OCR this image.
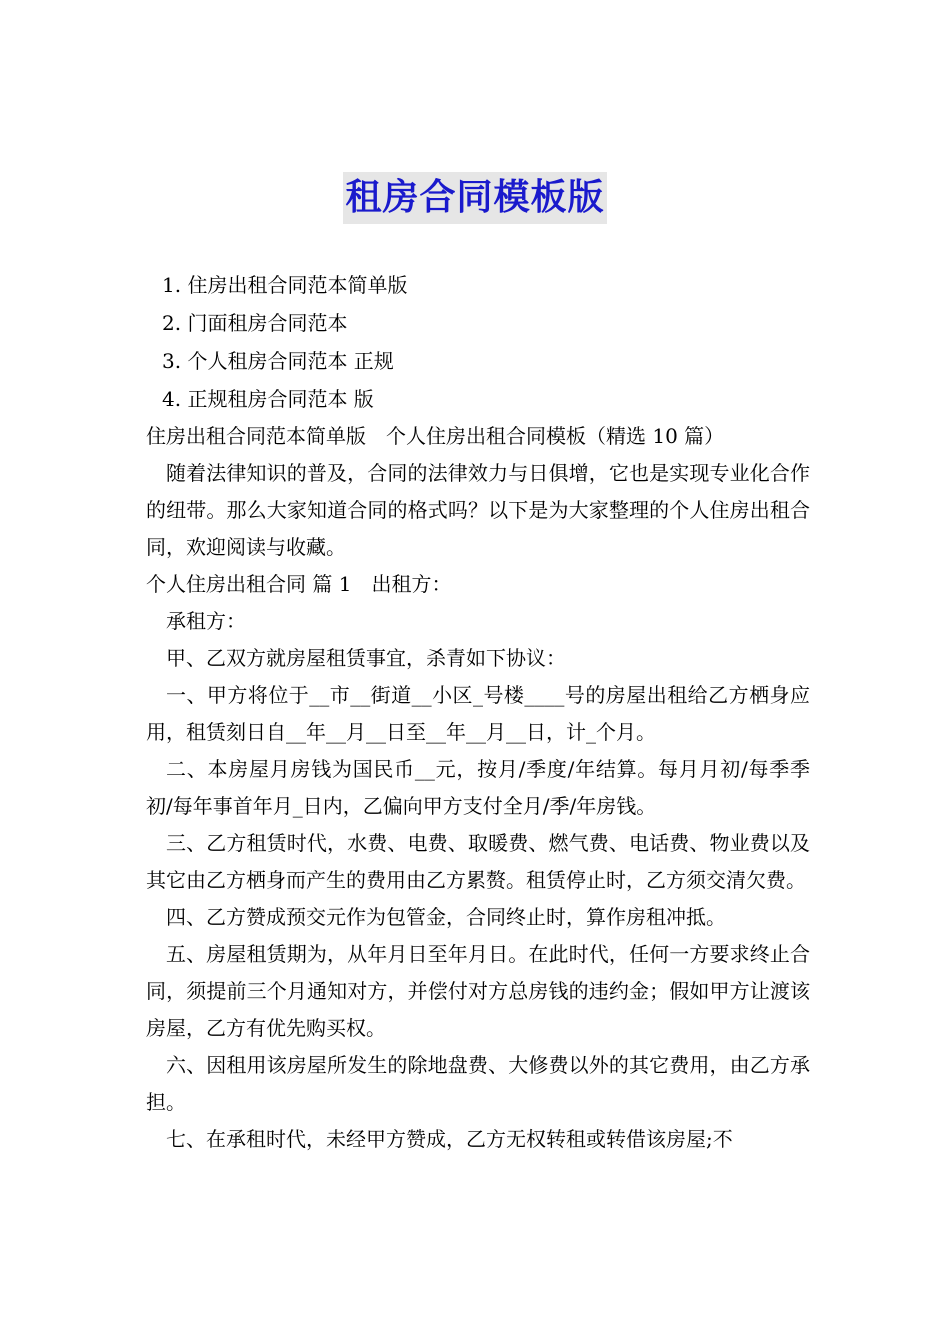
租房合同模板版
1. 住房出租合同范本简单版
2. 门面租房合同范本
3. 个人租房合同范本 正规
4. 正规租房合同范本 版

住房出租合同范本简单版 个人住房出租合同模板（精选 10 篇）

随着法律知识的普及，合同的法律效力与日俱增，它也是实现专业化合作的纽带。那么大家知道合同的格式吗？以下是为大家整理的个人住房出租合同，欢迎阅读与收藏。

个人住房出租合同 篇 1 出租方：

承租方：

甲、乙双方就房屋租赁事宜，杀青如下协议：

一、甲方将位于__市__街道__小区_号楼____号的房屋出租给乙方栖身应用，租赁刻日自__年__月__日至__年__月__日，计_个月。

二、本房屋月房钱为国民币__元，按月/季度/年结算。每月月初/每季季初/每年事首年月_日内，乙偏向甲方支付全月/季/年房钱。

三、乙方租赁时代，水费、电费、取暖费、燃气费、电话费、物业费以及其它由乙方栖身而产生的费用由乙方累赘。租赁停止时，乙方须交清欠费。

四、乙方赞成预交元作为包管金，合同终止时，算作房租冲抵。

五、房屋租赁期为，从年月日至年月日。在此时代，任何一方要求终止合同，须提前三个月通知对方，并偿付对方总房钱的违约金；假如甲方让渡该房屋，乙方有优先购买权。

六、因租用该房屋所发生的除地盘费、大修费以外的其它费用，由乙方承担。

七、在承租时代，未经甲方赞成，乙方无权转租或转借该房屋;不
